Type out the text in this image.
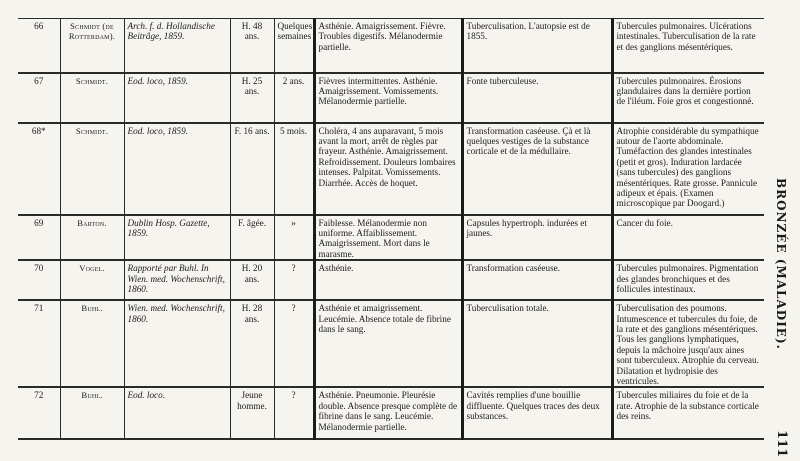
66	Schmidt (de Rotterdam).	Arch. f. d. Hollandische Beitrâge, 1859.	H. 48 ans.	Quelques semaines	Asthénie. Amaigrissement. Fièvre. Troubles digestifs. Mélanodermie partielle.	Tuberculisation. L'autopsie est de 1855.	Tubercules pulmonaires. Ulcérations intestinales. Tuberculisation de la rate et des ganglions mésentériques.
67	Schmidt.	Eod. loco, 1859.	H. 25 ans.	2 ans.	Fièvres intermittentes. Asthénie. Amaigrissement. Vomissements. Mélanodermie partielle.	Fonte tuberculeuse.	Tubercules pulmonaires. Érosions glandulaires dans la dernière portion de l'iléum. Foie gros et congestionné.
68*	Schmidt.	Eod. loco, 1859.	F. 16 ans.	5 mois.	Choléra, 4 ans auparavant, 5 mois avant la mort, arrêt de règles par frayeur. Asthénie. Amaigrissement. Refroidissement. Douleurs lombaires intenses. Palpitat. Vomissements. Diarrhée. Accès de hoquet.	Transformation caséeuse. Çà et là quelques vestiges de la substance corticale et de la médullaire.	Atrophie considérable du sympathique autour de l'aorte abdominale. Tuméfaction des glandes intestinales (petit et gros). Induration lardacée (sans tubercules) des ganglions mésentériques. Rate grosse. Pannicule adipeux et épais. (Examen microscopique par Doogard.)
69	Barton.	Dublin Hosp. Gazette, 1859.	F. âgée.	»	Faiblesse. Mélanodermie non uniforme. Affaiblissement. Amaigrissement. Mort dans le marasme.	Capsules hypertroph. indurées et jaunes.	Cancer du foie.
70	Vogel.	Rapporté par Buhl. In Wien. med. Wochenschrift, 1860.	H. 20 ans.	?	Asthénie.	Transformation caséeuse.	Tubercules pulmonaires. Pigmentation des glandes bronchiques et des follicules intestinaux.
71	Buhl.	Wien. med. Wochenschrift, 1860.	H. 28 ans.	?	Asthénie et amaigrissement. Leucémie. Absence totale de fibrine dans le sang.	Tuberculisation totale.	Tuberculisation des poumons. Intumescence et tubercules du foie, de la rate et des ganglions mésentériques. Tous les ganglions lymphatiques, depuis la mâchoire jusqu'aux aines sont tuberculeux. Atrophie du cerveau. Dilatation et hydropisie des ventricules.
72	Buhl.	Eod. loco.	Jeune homme.	?	Asthénie. Pneumonie. Pleurésie double. Absence presque complète de fibrine dans le sang. Leucémie. Mélanodermie partielle.	Cavités remplies d'une bouillie diffluente. Quelques traces des deux substances.	Tubercules miliaires du foie et de la rate. Atrophie de la substance corticale des reins.
BRONZÉE (MALADIE).
111
